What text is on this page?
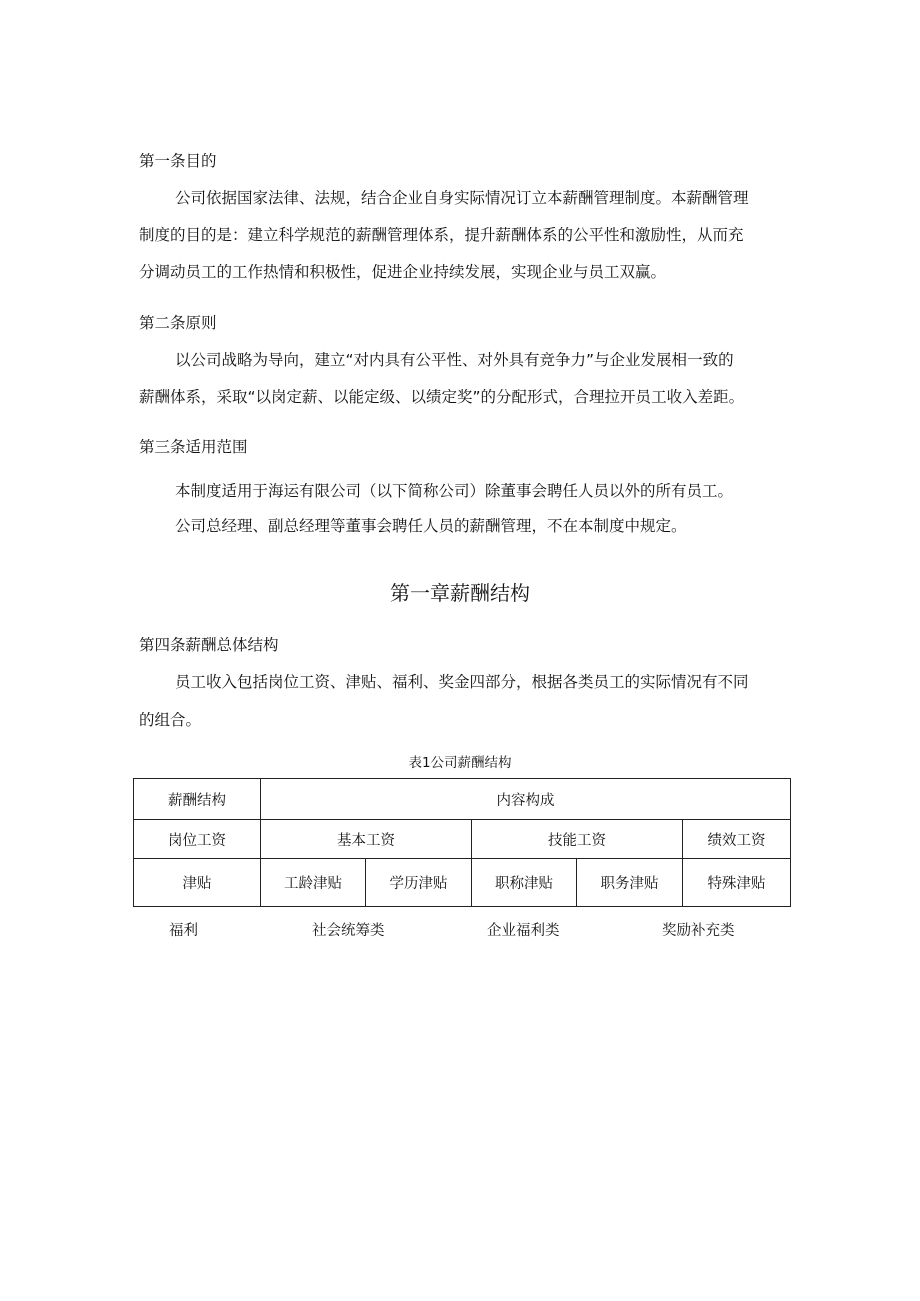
第一条目的
公司依据国家法律、法规，结合企业自身实际情况订立本薪酬管理制度。本薪酬管理
制度的目的是：建立科学规范的薪酬管理体系，提升薪酬体系的公平性和激励性，从而充
分调动员工的工作热情和积极性，促进企业持续发展，实现企业与员工双赢。
第二条原则
以公司战略为导向，建立“对内具有公平性、对外具有竞争力”与企业发展相一致的
薪酬体系，采取“以岗定薪、以能定级、以绩定奖”的分配形式，合理拉开员工收入差距。
第三条适用范围
本制度适用于海运有限公司（以下简称公司）除董事会聘任人员以外的所有员工。
公司总经理、副总经理等董事会聘任人员的薪酬管理，不在本制度中规定。
第一章薪酬结构
第四条薪酬总体结构
员工收入包括岗位工资、津贴、福利、奖金四部分，根据各类员工的实际情况有不同
的组合。
表1公司薪酬结构
薪酬结构	内容构成				
岗位工资	基本工资		技能工资		绩效工资
津贴	工龄津贴	学历津贴	职称津贴	职务津贴	特殊津贴
福利	社会统筹类	企业福利类	奖励补充类
